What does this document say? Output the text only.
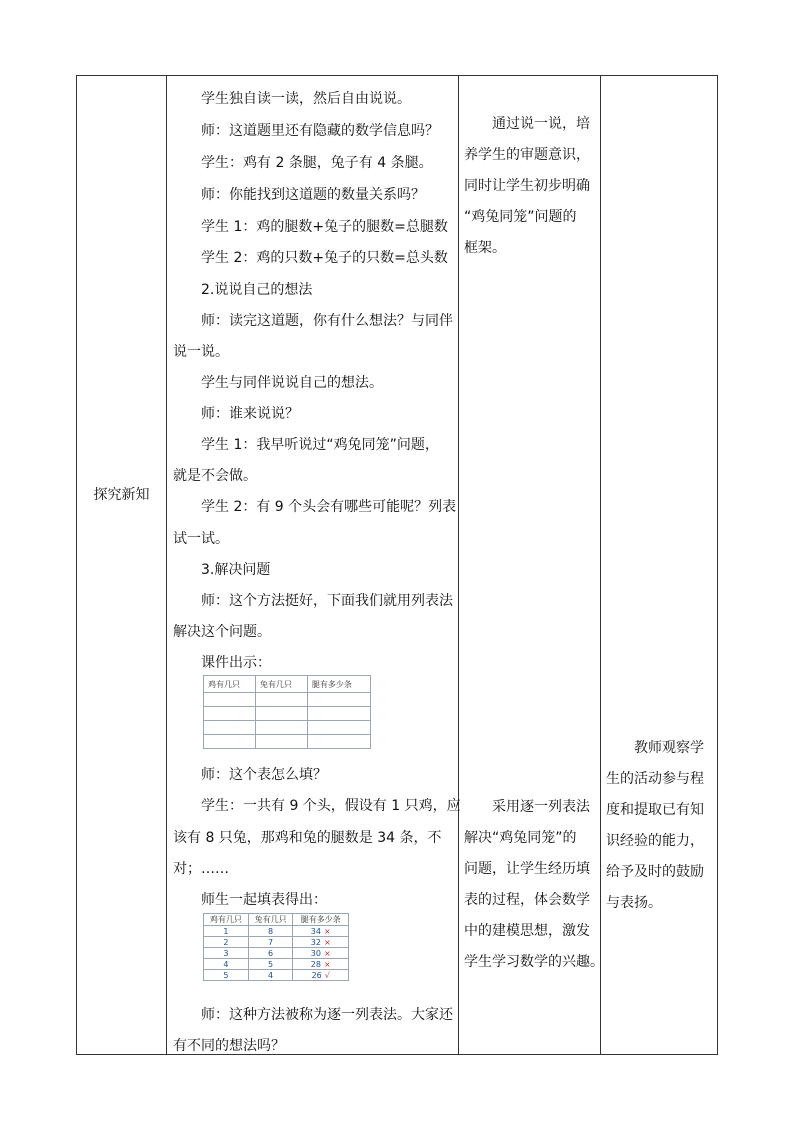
探究新知
学生独自读一读，然后自由说说。
师：这道题里还有隐藏的数学信息吗？
学生：鸡有 2 条腿，兔子有 4 条腿。
师：你能找到这道题的数量关系吗？
学生 1：鸡的腿数+兔子的腿数=总腿数
学生 2：鸡的只数+兔子的只数=总头数
2.说说自己的想法
师：读完这道题，你有什么想法？与同伴
说一说。
学生与同伴说说自己的想法。
师：谁来说说？
学生 1：我早听说过“鸡兔同笼”问题，
就是不会做。
学生 2：有 9 个头会有哪些可能呢？列表
试一试。
3.解决问题
师：这个方法挺好，下面我们就用列表法
解决这个问题。
课件出示：
师：这个表怎么填？
学生：一共有 9 个头，假设有 1 只鸡，应
该有 8 只兔，那鸡和兔的腿数是 34 条，不
对；……
师生一起填表得出：
师：这种方法被称为逐一列表法。大家还
有不同的想法吗？
鸡有几只	兔有几只	腿有多少条

鸡有几只	兔有几只	腿有多少条
1	8	34 ×
2	7	32 ×
3	6	30 ×
4	5	28 ×
5	4	26 √
通过说一说，培
养学生的审题意识，
同时让学生初步明确
“鸡兔同笼”问题的
框架。
采用逐一列表法
解决“鸡兔同笼”的
问题，让学生经历填
表的过程，体会数学
中的建模思想，激发
学生学习数学的兴趣。
教师观察学
生的活动参与程
度和提取已有知
识经验的能力，
给予及时的鼓励
与表扬。
